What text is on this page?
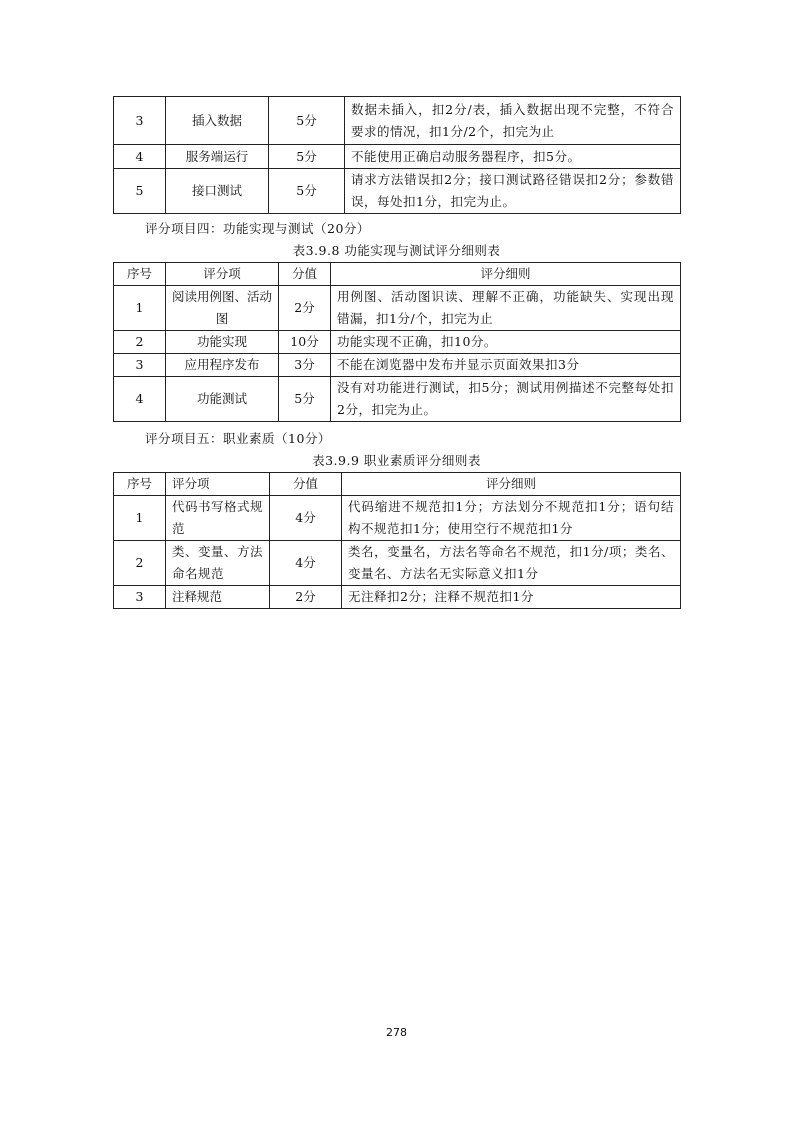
3	插入数据	5分	数据未插入，扣2分/表，插入数据出现不完整，不符合要求的情况，扣1分/2个，扣完为止
4	服务端运行	5分	不能使用正确启动服务器程序，扣5分。
5	接口测试	5分	请求方法错误扣2分；接口测试路径错误扣2分；参数错误，每处扣1分，扣完为止。
评分项目四：功能实现与测试（20分）
表3.9.8 功能实现与测试评分细则表
序号	评分项	分值	评分细则
1	阅读用例图、活动图	2分	用例图、活动图识读、理解不正确，功能缺失、实现出现错漏，扣1分/个，扣完为止
2	功能实现	10分	功能实现不正确，扣10分。
3	应用程序发布	3分	不能在浏览器中发布并显示页面效果扣3分
4	功能测试	5分	没有对功能进行测试，扣5分；测试用例描述不完整每处扣2分，扣完为止。
评分项目五：职业素质（10分）
表3.9.9 职业素质评分细则表
序号	评分项	分值	评分细则
1	代码书写格式规范	4分	代码缩进不规范扣1分；方法划分不规范扣1分；语句结构不规范扣1分；使用空行不规范扣1分
2	类、变量、方法命名规范	4分	类名，变量名，方法名等命名不规范，扣1分/项；类名、变量名、方法名无实际意义扣1分
3	注释规范	2分	无注释扣2分；注释不规范扣1分
278
